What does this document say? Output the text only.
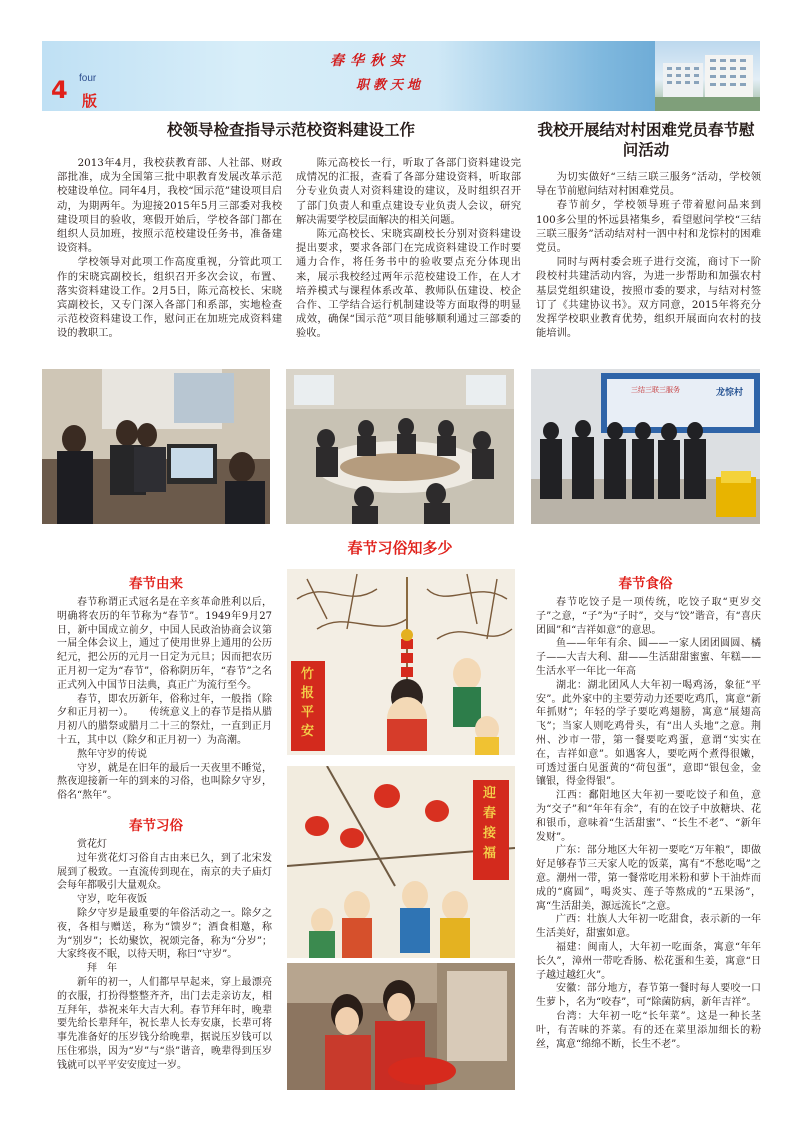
4 four
版
春华秋实
职教天地
校领导检查指导示范校资料建设工作

2013年4月，我校获教育部、人社部、财政部批准，成为全国第三批中职教育发展改革示范校建设单位。同年4月，我校“国示范”建设项目启动，为期两年。为迎接2015年5月三部委对我校建设项目的验收，寒假开始后，学校各部门都在组织人员加班，按照示范校建设任务书，准备建设资料。

学校领导对此项工作高度重视，分管此项工作的宋晓宾副校长，组织召开多次会议，布置、落实资料建设工作。2月5日，陈元高校长、宋晓宾副校长，又专门深入各部门和系部，实地检查示范校资料建设工作，慰问正在加班完成资料建设的教职工。

陈元高校长一行，听取了各部门资料建设完成情况的汇报，查看了各部分建设资料，听取部分专业负责人对资料建设的建议，及时组织召开了部门负责人和重点建设专业负责人会议，研究解决需要学校层面解决的相关问题。

陈元高校长、宋晓宾副校长分别对资料建设提出要求，要求各部门在完成资料建设工作时要通力合作，将任务书中的验收要点充分体现出来，展示我校经过两年示范校建设工作，在人才培养模式与课程体系改革、教师队伍建设、校企合作、工学结合运行机制建设等方面取得的明显成效，确保“国示范”项目能够顺利通过三部委的验收。

我校开展结对村困难党员春节慰问活动

为切实做好“三结三联三服务”活动，学校领导在节前慰问结对村困难党员。

春节前夕，学校领导班子带着慰问品来到100多公里的怀远县褚集乡，看望慰问学校“三结三联三服务”活动结对村一泗中村和龙悰村的困难党员。

同时与两村委会班子进行交流，商讨下一阶段校村共建活动内容，为进一步帮助和加强农村基层党组织建设，按照市委的要求，与结对村签订了《共建协议书》。双方同意，2015年将充分发挥学校职业教育优势，组织开展面向农村的技能培训。

龙悰村
三结三联三服务
春节习俗知多少
春节由来

春节称谓正式冠名是在辛亥革命胜利以后，明确将农历的年节称为“春节”。1949年9月27日，新中国成立前夕，中国人民政治协商会议第一届全体会议上，通过了使用世界上通用的公历纪元，把公历的元月一日定为元旦；因而把农历正月初一定为“春节”，俗称阴历年，“春节”之名正式列入中国节日法典，真正广为流行至今。

春节，即农历新年，俗称过年，一般指（除夕和正月初一）。　　传统意义上的春节是指从腊月初八的腊祭或腊月二十三的祭灶，一直到正月十五，其中以（除夕和正月初一）为高潮。

熬年守岁的传说

守岁，就是在旧年的最后一天夜里不睡觉，熬夜迎接新一年的到来的习俗，也叫除夕守岁，俗名“熬年”。

春节习俗

赏花灯

过年赏花灯习俗自古由来已久，到了北宋发展到了极致。一直流传到现在，南京的夫子庙灯会每年都吸引大量观众。

守岁，吃年夜饭

除夕守岁是最重要的年俗活动之一。除夕之夜，各相与赠送，称为“馈岁”；酒食相邀，称为“别岁”；长幼聚饮，祝颂完备，称为“分岁”；大家终夜不眠，以待天明，称曰“守岁”。

拜　年

新年的初一，人们都早早起来，穿上最漂亮的衣服，打扮得整整齐齐，出门去走亲访友，相互拜年，恭祝来年大吉大利。春节拜年时，晚辈要先给长辈拜年，祝长辈人长寿安康，长辈可将事先准备好的压岁钱分给晚辈，据说压岁钱可以压住邪祟，因为“岁”与“祟”谐音，晚辈得到压岁钱就可以平平安安度过一岁。

竹报平安
迎春接福
春节食俗

春节吃饺子是一项传统，吃饺子取“更岁交子”之意，“子”为“子时”，交与“饺”谐音，有“喜庆团圆”和“吉祥如意”的意思。

鱼——年年有余、圆——一家人团团圆圆、橘子——大吉大利、甜——生活甜甜蜜蜜、年糕——生活水平一年比一年高

湖北：湖北团风人大年初一喝鸡汤，象征“平安”。此外家中的主要劳动力还要吃鸡爪，寓意“新年抓财”；年轻的学子要吃鸡翅膀，寓意“展翅高飞”；当家人则吃鸡骨头，有“出人头地”之意。荆州、沙市一带，第一餐要吃鸡蛋，意谓“实实在在，吉祥如意”。如遇客人，要吃两个煮得很嫩，可透过蛋白见蛋黄的“荷包蛋”，意即“银包金，金镶银，得金得银”。

江西：鄱阳地区大年初一要吃饺子和鱼，意为“交子”和“年年有余”，有的在饺子中放糖块、花和银币，意味着“生活甜蜜”、“长生不老”、“新年发财”。

广东：部分地区大年初一要吃“万年粮”，即做好足够春节三天家人吃的饭菜，寓有“不愁吃喝”之意。潮州一带，第一餐常吃用米粉和萝卜干油炸而成的“腐圆”，喝炎实、莲子等熬成的“五果汤”，寓“生活甜美，源远流长”之意。

广西：壮族人大年初一吃甜食，表示新的一年生活美好，甜蜜如意。

福建：闽南人，大年初一吃面条，寓意“年年长久”，漳州一带吃香肠、松花蛋和生姜，寓意“日子越过越红火”。

安徽：部分地方，春节第一餐时每人要咬一口生萝卜，名为“咬春”，可“除菌防病，新年吉祥”。

台湾：大年初一吃“长年菜”。这是一种长茎叶，有苦味的芥菜。有的还在菜里添加细长的粉丝，寓意“绵绵不断，长生不老”。
